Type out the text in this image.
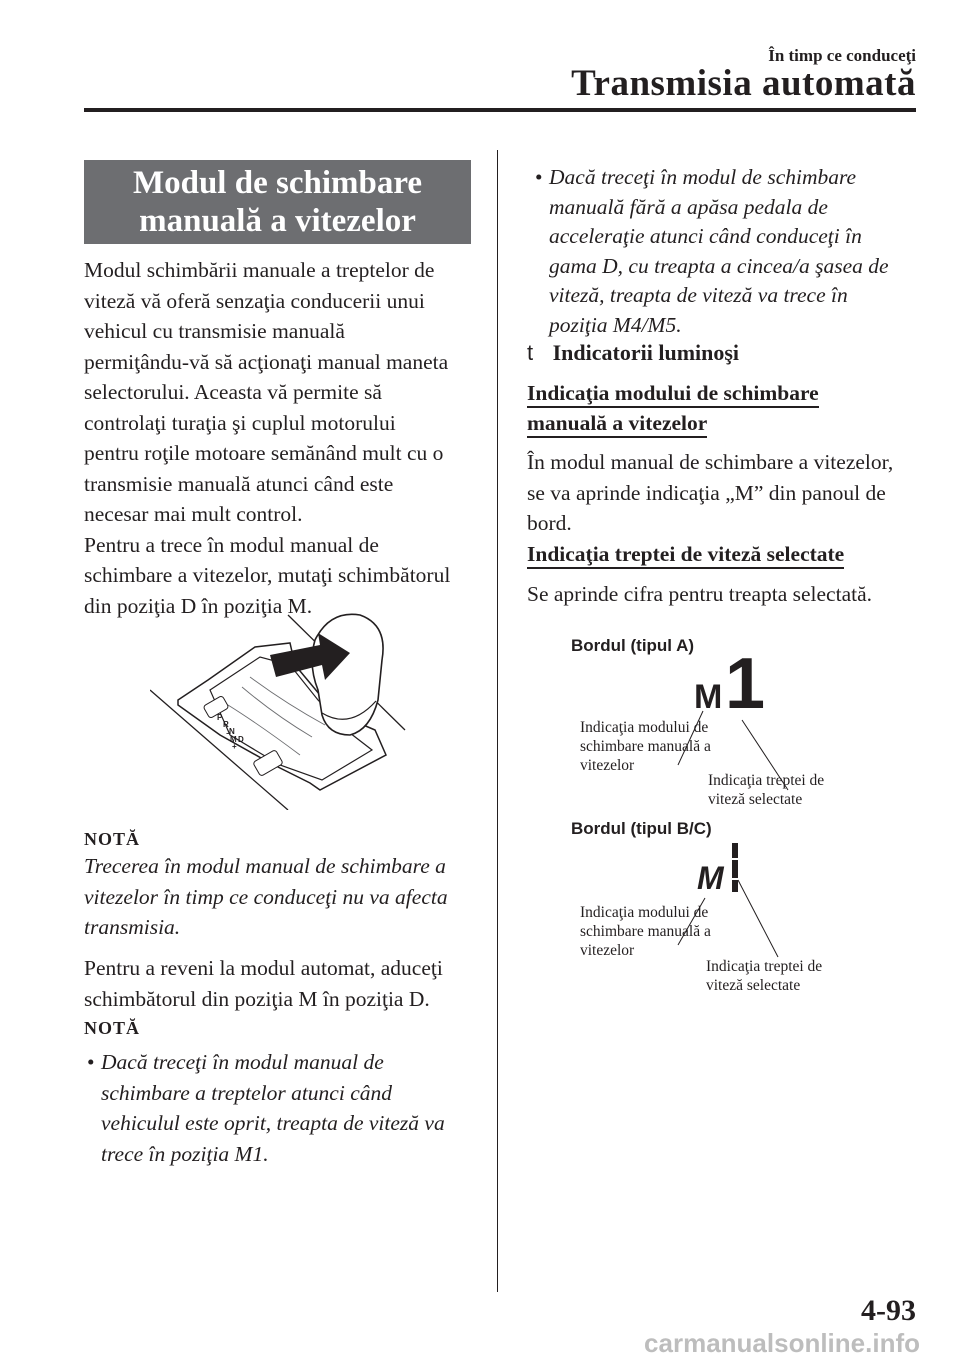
În timp ce conduceţi
Transmisia automată
Modul de schimbare
manuală a vitezelor
Modul schimbării manuale a treptelor de
viteză vă oferă senzaţia conducerii unui
vehicul cu transmisie manuală
permiţându-vă să acţionaţi manual maneta
selectorului. Aceasta vă permite să
controlaţi turaţia şi cuplul motorului
pentru roţile motoare semănând mult cu o
transmisie manuală atunci când este
necesar mai mult control.
Pentru a trece în modul manual de
schimbare a vitezelor, mutaţi schimbătorul
din poziţia D în poziţia M.
P
R
N
D
M
+
−
NOTĂ
Trecerea în modul manual de schimbare a
vitezelor în timp ce conduceţi nu va afecta
transmisia.
Pentru a reveni la modul automat, aduceţi
schimbătorul din poziţia M în poziţia D.
NOTĂ
• Dacă treceţi în modul manual de
schimbare a treptelor atunci când
vehiculul este oprit, treapta de viteză va
trece în poziţia M1.
• Dacă treceţi în modul de schimbare
manuală fără a apăsa pedala de
acceleraţie atunci când conduceţi în
gama D, cu treapta a cincea/a şasea de
viteză, treapta de viteză va trece în
poziţia M4/M5.
t Indicatorii luminoşi
Indicaţia modului de schimbare
manuală a vitezelor
În modul manual de schimbare a vitezelor,
se va aprinde indicaţia „M” din panoul de
bord.
Indicaţia treptei de viteză selectate
Se aprinde cifra pentru treapta selectată.
Bordul (tipul A)
M 1
Indicaţia modului de
schimbare manuală a
vitezelor
Indicaţia treptei de
viteză selectate
Bordul (tipul B/C)
M
Indicaţia modului de
schimbare manuală a
vitezelor
Indicaţia treptei de
viteză selectate
4-93
carmanualsonline.info
